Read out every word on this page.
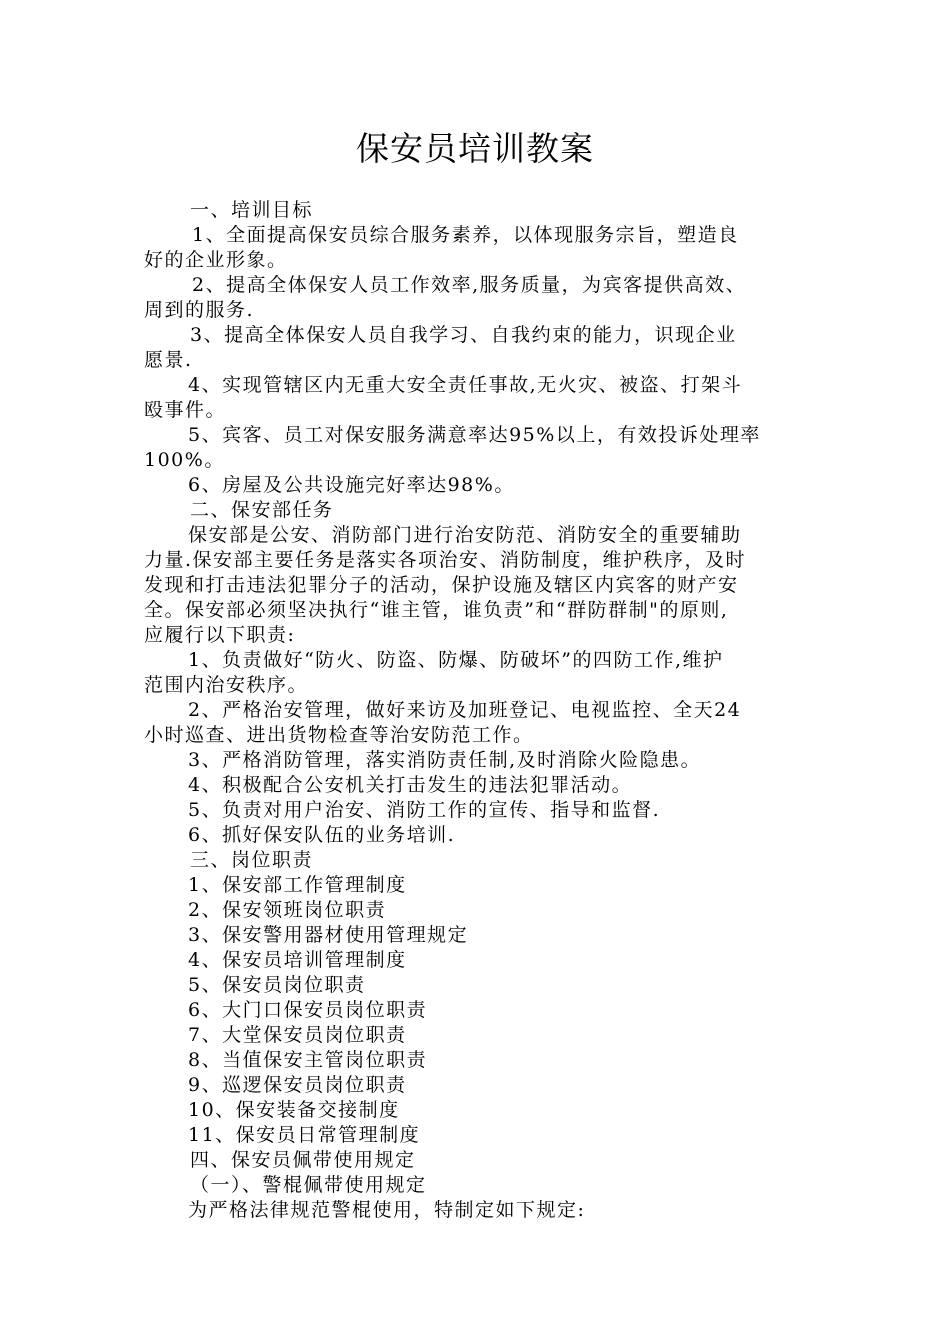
保安员培训教案
一、培训目标
1、全面提高保安员综合服务素养，以体现服务宗旨，塑造良
好的企业形象。
2、提高全体保安人员工作效率,服务质量，为宾客提供高效、
周到的服务.
3、提高全体保安人员自我学习、自我约束的能力，识现企业
愿景.
4、实现管辖区内无重大安全责任事故,无火灾、被盗、打架斗
殴事件。
5、宾客、员工对保安服务满意率达95%以上，有效投诉处理率
100%。
6、房屋及公共设施完好率达98%。
二、保安部任务
保安部是公安、消防部门进行治安防范、消防安全的重要辅助
力量.保安部主要任务是落实各项治安、消防制度，维护秩序，及时
发现和打击违法犯罪分子的活动，保护设施及辖区内宾客的财产安
全。保安部必须坚决执行“谁主管，谁负责”和“群防群制"的原则,
应履行以下职责:
1、负责做好“防火、防盗、防爆、防破坏”的四防工作,维护
范围内治安秩序。
2、严格治安管理，做好来访及加班登记、电视监控、全天24
小时巡查、进出货物检查等治安防范工作。
3、严格消防管理，落实消防责任制,及时消除火险隐患。
4、积极配合公安机关打击发生的违法犯罪活动。
5、负责对用户治安、消防工作的宣传、指导和监督.
6、抓好保安队伍的业务培训.
三、岗位职责
1、保安部工作管理制度
2、保安领班岗位职责
3、保安警用器材使用管理规定
4、保安员培训管理制度
5、保安员岗位职责
6、大门口保安员岗位职责
7、大堂保安员岗位职责
8、当值保安主管岗位职责
9、巡逻保安员岗位职责
10、保安装备交接制度
11、保安员日常管理制度
四、保安员佩带使用规定
（一）、警棍佩带使用规定
为严格法律规范警棍使用，特制定如下规定:
